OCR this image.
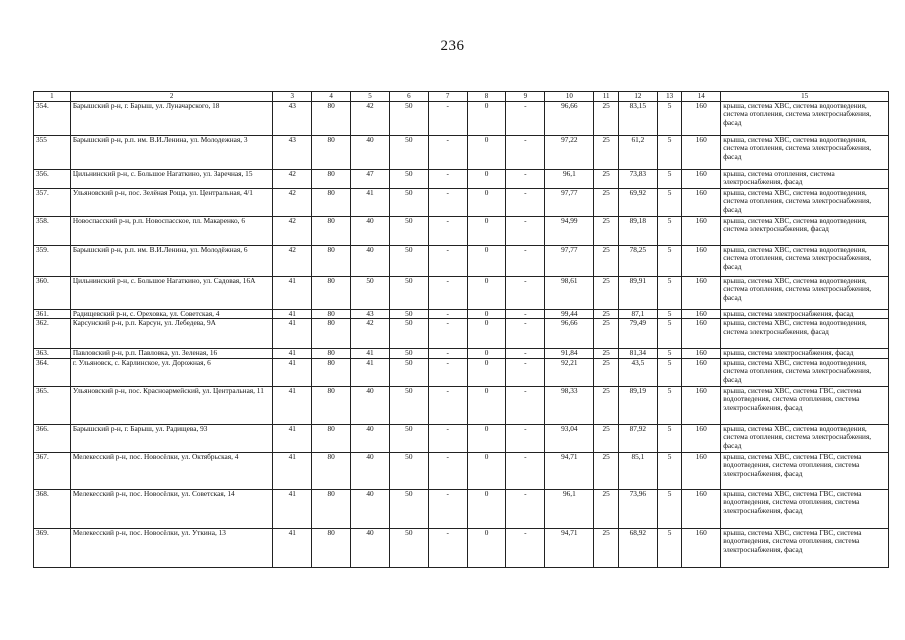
236
1	2	3	4	5	6	7	8	9	10	11	12	13	14	15
354.	Барышский р-н, г. Барыш, ул. Луначарского, 18	43	80	42	50	-	0	-	96,66	25	83,15	5	160	крыша, система ХВС, система водоотведения, система отопления, система электроснабжения, фасад
355	Барышский р-н, р.п. им. В.И.Ленина, ул. Молодежная, 3	43	80	40	50	-	0	-	97,22	25	61,2	5	160	крыша, система ХВС, система водоотведения, система отопления, система электроснабжения, фасад
356.	Цильнинский р-н, с. Большое Нагаткино, ул. Заречная, 15	42	80	47	50	-	0	-	96,1	25	73,83	5	160	крыша, система отопления, система электроснабжения, фасад
357.	Ульяновский р-н, пос. Зелёная Роща, ул. Центральная, 4/1	42	80	41	50	-	0	-	97,77	25	69,92	5	160	крыша, система ХВС, система водоотведения, система отопления, система электроснабжения, фасад
358.	Новоспасский р-н, р.п. Новоспасское, пл. Макаренко, 6	42	80	40	50	-	0	-	94,99	25	89,18	5	160	крыша, система ХВС, система водоотведения, система электроснабжения, фасад
359.	Барышский р-н, р.п. им. В.И.Ленина, ул. Молодёжная, 6	42	80	40	50	-	0	-	97,77	25	78,25	5	160	крыша, система ХВС, система водоотведения, система отопления, система электроснабжения, фасад
360.	Цильнинский р-н, с. Большое Нагаткино, ул. Садовая, 16А	41	80	50	50	-	0	-	98,61	25	89,91	5	160	крыша, система ХВС, система водоотведения, система отопления, система электроснабжения, фасад
361.	Радищевский р-н, с. Ореховка, ул. Советская, 4	41	80	43	50	-	0	-	99,44	25	87,1	5	160	крыша, система электроснабжения, фасад
362.	Карсунский р-н, р.п. Карсун, ул. Лебедева, 9А	41	80	42	50	-	0	-	96,66	25	79,49	5	160	крыша, система ХВС, система водоотведения, система электроснабжения, фасад
363.	Павловский р-н, р.п. Павловка, ул. Зеленая, 16	41	80	41	50	-	0	-	91,84	25	81,34	5	160	крыша, система электроснабжения, фасад
364.	г. Ульяновск, с. Карлинское, ул. Дорожная, 6	41	80	41	50	-	0	-	92,21	25	43,5	5	160	крыша, система ХВС, система водоотведения, система отопления, система электроснабжения, фасад
365.	Ульяновский р-н, пос. Красноармейский, ул. Центральная, 11	41	80	40	50	-	0	-	98,33	25	89,19	5	160	крыша, система ХВС, система ГВС, система водоотведения, система отопления, система электроснабжения, фасад
366.	Барышский р-н, г. Барыш, ул. Радищева, 93	41	80	40	50	-	0	-	93,04	25	87,92	5	160	крыша, система ХВС, система водоотведения, система отопления, система электроснабжения, фасад
367.	Мелекесский р-н, пос. Новосёлки, ул. Октябрьская, 4	41	80	40	50	-	0	-	94,71	25	85,1	5	160	крыша, система ХВС, система ГВС, система водоотведения, система отопления, система электроснабжения, фасад
368.	Мелекесский р-н, пос. Новосёлки, ул. Советская, 14	41	80	40	50	-	0	-	96,1	25	73,96	5	160	крыша, система ХВС, система ГВС, система водоотведения, система отопления, система электроснабжения, фасад
369.	Мелекесский р-н, пос. Новосёлки, ул. Уткина, 13	41	80	40	50	-	0	-	94,71	25	68,92	5	160	крыша, система ХВС, система ГВС, система водоотведения, система отопления, система электроснабжения, фасад
